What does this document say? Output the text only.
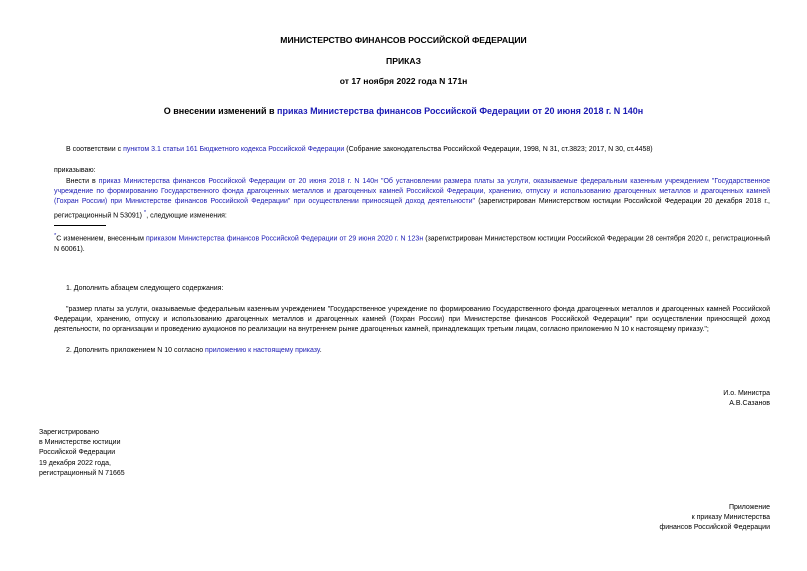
МИНИСТЕРСТВО ФИНАНСОВ РОССИЙСКОЙ ФЕДЕРАЦИИ
ПРИКАЗ
от 17 ноября 2022 года N 171н
О внесении изменений в приказ Министерства финансов Российской Федерации от 20 июня 2018 г. N 140н
В соответствии с пунктом 3.1 статьи 161 Бюджетного кодекса Российской Федерации (Собрание законодательства Российской Федерации, 1998, N 31, ст.3823; 2017, N 30, ст.4458)
приказываю:
Внести в приказ Министерства финансов Российской Федерации от 20 июня 2018 г. N 140н "Об установлении размера платы за услуги, оказываемые федеральным казенным учреждением "Государственное учреждение по формированию Государственного фонда драгоценных металлов и драгоценных камней Российской Федерации, хранению, отпуску и использованию драгоценных металлов и драгоценных камней (Гохран России) при Министерстве финансов Российской Федерации" при осуществлении приносящей доход деятельности" (зарегистрирован Министерством юстиции Российской Федерации 20 декабря 2018 г., регистрационный N 53091) *, следующие изменения:
*С изменением, внесенным приказом Министерства финансов Российской Федерации от 29 июня 2020 г. N 123н (зарегистрирован Министерством юстиции Российской Федерации 28 сентября 2020 г., регистрационный N 60061).
1. Дополнить абзацем следующего содержания:
"размер платы за услуги, оказываемые федеральным казенным учреждением "Государственное учреждение по формированию Государственного фонда драгоценных металлов и драгоценных камней Российской Федерации, хранению, отпуску и использованию драгоценных металлов и драгоценных камней (Гохран России) при Министерстве финансов Российской Федерации" при осуществлении приносящей доход деятельности, по организации и проведению аукционов по реализации на внутреннем рынке драгоценных камней, принадлежащих третьим лицам, согласно приложению N 10 к настоящему приказу.";
2. Дополнить приложением N 10 согласно приложению к настоящему приказу.
И.о. Министра
А.В.Сазанов
Зарегистрировано
в Министерстве юстиции
Российской Федерации
19 декабря 2022 года,
регистрационный N 71665
Приложение
к приказу Министерства
финансов Российской Федерации
